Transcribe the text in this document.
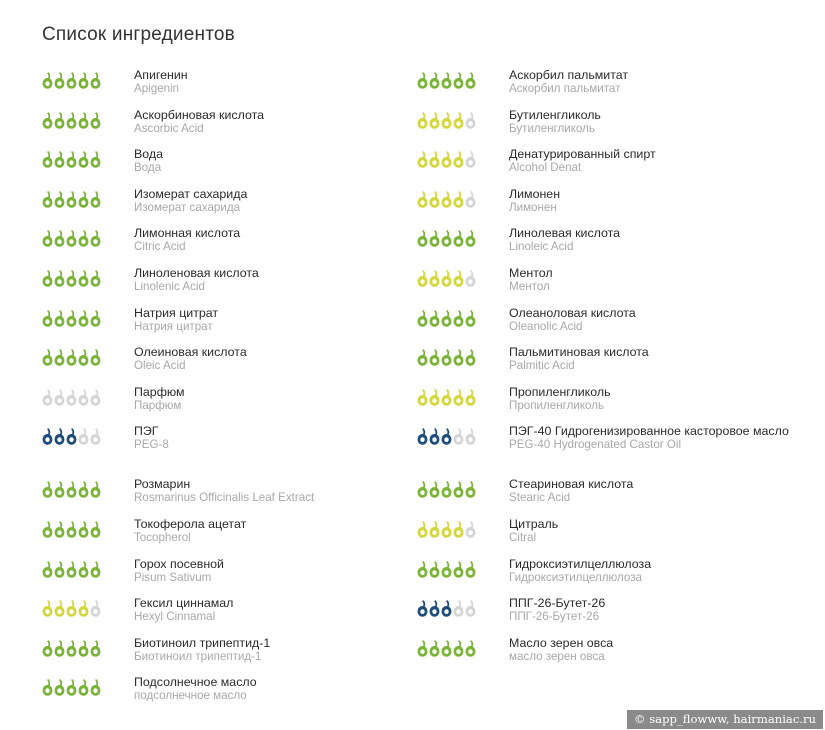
Список ингредиентов
Апигенин
Apigenin
Аскорбиновая кислота
Ascorbic Acid
Вода
Вода
Изомерат сахарида
Изомерат сахарида
Лимонная кислота
Citric Acid
Линоленовая кислота
Linolenic Acid
Натрия цитрат
Натрия цитрат
Олеиновая кислота
Oleic Acid
Парфюм
Парфюм
ПЭГ
PEG-8
Розмарин
Rosmarinus Officinalis Leaf Extract
Токоферола ацетат
Tocopherol
Горох посевной
Pisum Sativum
Гексил циннамал
Hexyl Cinnamal
Биотиноил трипептид-1
Биотиноил трипептид-1
Подсолнечное масло
подсолнечное масло
Аскорбил пальмитат
Аскорбил пальмитат
Бутиленгликоль
Бутиленгликоль
Денатурированный спирт
Alcohol Denat
Лимонен
Лимонен
Линолевая кислота
Linoleic Acid
Ментол
Ментол
Олеаноловая кислота
Oleanolic Acid
Пальмитиновая кислота
Palmitic Acid
Пропиленгликоль
Пропиленгликоль
ПЭГ-40 Гидрогенизированное касторовое масло
PEG-40 Hydrogenated Castor Oil
Стеариновая кислота
Stearic Acid
Цитраль
Citral
Гидроксиэтилцеллюлоза
Гидроксиэтилцеллюлоза
ППГ-26-Бутет-26
ППГ-26-Бутет-26
Масло зерен овса
масло зерен овса
© sapp_flowww, hairmaniac.ru
